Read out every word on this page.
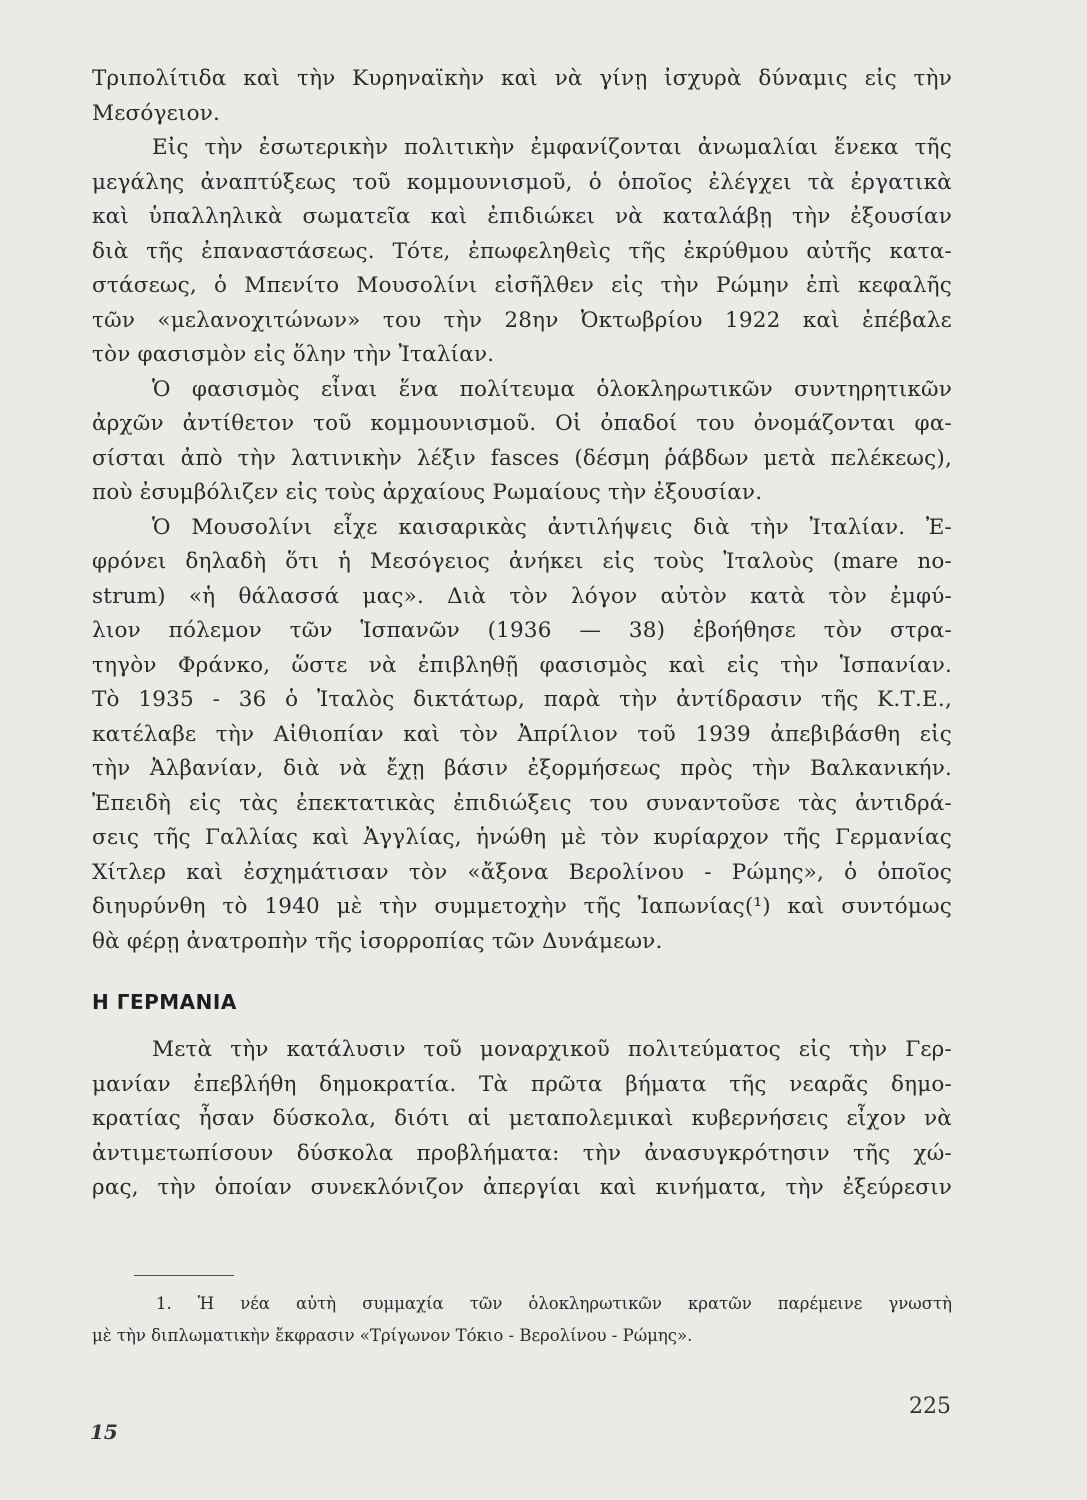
Τριπολίτιδα καὶ τὴν Κυρηναϊκὴν καὶ νὰ γίνῃ ἰσχυρὰ δύναμις εἰς τὴν
Μεσόγειον.
Εἰς τὴν ἐσωτερικὴν πολιτικὴν ἐμφανίζονται ἀνωμαλίαι ἕνεκα τῆς
μεγάλης ἀναπτύξεως τοῦ κομμουνισμοῦ, ὁ ὁποῖος ἐλέγχει τὰ ἐργατικὰ
καὶ ὑπαλληλικὰ σωματεῖα καὶ ἐπιδιώκει νὰ καταλάβῃ τὴν ἐξουσίαν
διὰ τῆς ἐπαναστάσεως. Τότε, ἐπωφεληθεὶς τῆς ἐκρύθμου αὐτῆς κατα-
στάσεως, ὁ Μπενίτο Μουσολίνι εἰσῆλθεν εἰς τὴν Ρώμην ἐπὶ κεφαλῆς
τῶν «μελανοχιτώνων» του τὴν 28ην Ὀκτωβρίου 1922 καὶ ἐπέβαλε
τὸν φασισμὸν εἰς ὅλην τὴν Ἰταλίαν.
Ὁ φασισμὸς εἶναι ἕνα πολίτευμα ὁλοκληρωτικῶν συντηρητικῶν
ἀρχῶν ἀντίθετον τοῦ κομμουνισμοῦ. Οἱ ὀπαδοί του ὀνομάζονται φα-
σίσται ἀπὸ τὴν λατινικὴν λέξιν fasces (δέσμη ῥάβδων μετὰ πελέκεως),
ποὺ ἐσυμβόλιζεν εἰς τοὺς ἀρχαίους Ρωμαίους τὴν ἐξουσίαν.
Ὁ Μουσολίνι εἶχε καισαρικὰς ἀντιλήψεις διὰ τὴν Ἰταλίαν. Ἐ-
φρόνει δηλαδὴ ὅτι ἡ Μεσόγειος ἀνήκει εἰς τοὺς Ἰταλοὺς (mare no-
strum) «ἡ θάλασσά μας». Διὰ τὸν λόγον αὐτὸν κατὰ τὸν ἐμφύ-
λιον πόλεμον τῶν Ἱσπανῶν (1936 — 38) ἐβοήθησε τὸν στρα-
τηγὸν Φράνκο, ὥστε νὰ ἐπιβληθῇ φασισμὸς καὶ εἰς τὴν Ἱσπανίαν.
Τὸ 1935 - 36 ὁ Ἰταλὸς δικτάτωρ, παρὰ τὴν ἀντίδρασιν τῆς Κ.Τ.Ε.,
κατέλαβε τὴν Αἰθιοπίαν καὶ τὸν Ἀπρίλιον τοῦ 1939 ἀπεβιβάσθη εἰς
τὴν Ἀλβανίαν, διὰ νὰ ἔχῃ βάσιν ἐξορμήσεως πρὸς τὴν Βαλκανικήν.
Ἐπειδὴ εἰς τὰς ἐπεκτατικὰς ἐπιδιώξεις του συναντοῦσε τὰς ἀντιδρά-
σεις τῆς Γαλλίας καὶ Ἀγγλίας, ἡνώθη μὲ τὸν κυρίαρχον τῆς Γερμανίας
Χίτλερ καὶ ἐσχημάτισαν τὸν «ἄξονα Βερολίνου - Ρώμης», ὁ ὁποῖος
διηυρύνθη τὸ 1940 μὲ τὴν συμμετοχὴν τῆς Ἰαπωνίας(¹) καὶ συντόμως
θὰ φέρῃ ἀνατροπὴν τῆς ἰσορροπίας τῶν Δυνάμεων.
Η ΓΕΡΜΑΝΙΑ
Μετὰ τὴν κατάλυσιν τοῦ μοναρχικοῦ πολιτεύματος εἰς τὴν Γερ-
μανίαν ἐπεβλήθη δημοκρατία. Τὰ πρῶτα βήματα τῆς νεαρᾶς δημο-
κρατίας ἦσαν δύσκολα, διότι αἱ μεταπολεμικαὶ κυβερνήσεις εἶχον νὰ
ἀντιμετωπίσουν δύσκολα προβλήματα: τὴν ἀνασυγκρότησιν τῆς χώ-
ρας, τὴν ὁποίαν συνεκλόνιζον ἀπεργίαι καὶ κινήματα, τὴν ἐξεύρεσιν
1. Ἡ νέα αὐτὴ συμμαχία τῶν ὁλοκληρωτικῶν κρατῶν παρέμεινε γνωστὴ
μὲ τὴν διπλωματικὴν ἔκφρασιν «Τρίγωνον Τόκιο - Βερολίνου - Ρώμης».
225
15
